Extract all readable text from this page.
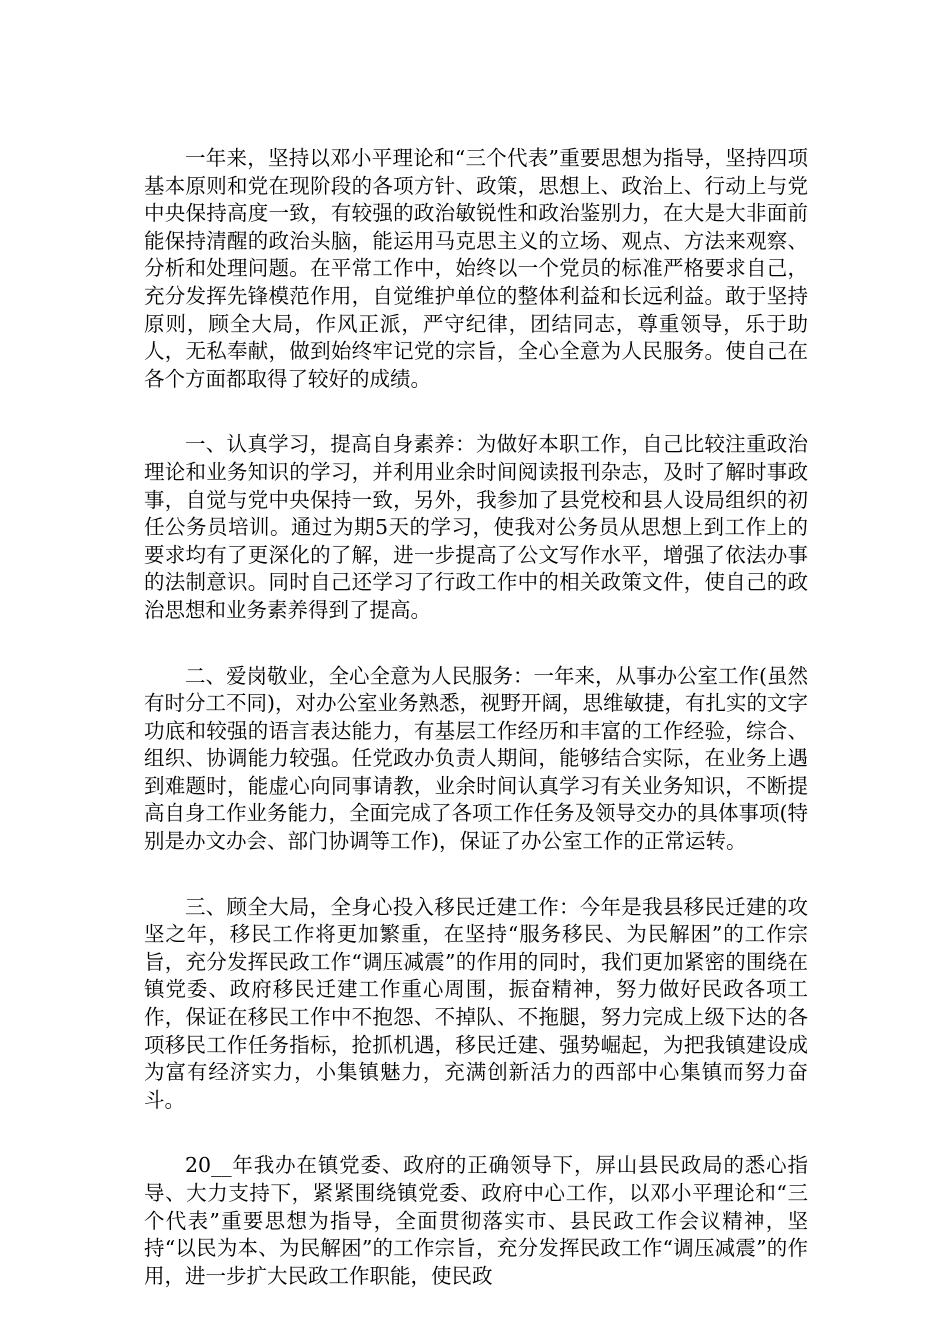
一年来，坚持以邓小平理论和“三个代表”重要思想为指导，坚持四项基本原则和党在现阶段的各项方针、政策，思想上、政治上、行动上与党中央保持高度一致，有较强的政治敏锐性和政治鉴别力，在大是大非面前能保持清醒的政治头脑，能运用马克思主义的立场、观点、方法来观察、分析和处理问题。在平常工作中，始终以一个党员的标准严格要求自己，充分发挥先锋模范作用，自觉维护单位的整体利益和长远利益。敢于坚持原则，顾全大局，作风正派，严守纪律，团结同志，尊重领导，乐于助人，无私奉献，做到始终牢记党的宗旨，全心全意为人民服务。使自己在各个方面都取得了较好的成绩。

一、认真学习，提高自身素养：为做好本职工作，自己比较注重政治理论和业务知识的学习，并利用业余时间阅读报刊杂志，及时了解时事政事，自觉与党中央保持一致，另外，我参加了县党校和县人设局组织的初任公务员培训。通过为期5天的学习，使我对公务员从思想上到工作上的要求均有了更深化的了解，进一步提高了公文写作水平，增强了依法办事的法制意识。同时自己还学习了行政工作中的相关政策文件，使自己的政治思想和业务素养得到了提高。

二、爱岗敬业，全心全意为人民服务：一年来，从事办公室工作(虽然有时分工不同)，对办公室业务熟悉，视野开阔，思维敏捷，有扎实的文字功底和较强的语言表达能力，有基层工作经历和丰富的工作经验，综合、组织、协调能力较强。任党政办负责人期间，能够结合实际，在业务上遇到难题时，能虚心向同事请教，业余时间认真学习有关业务知识，不断提高自身工作业务能力，全面完成了各项工作任务及领导交办的具体事项(特别是办文办会、部门协调等工作)，保证了办公室工作的正常运转。

三、顾全大局，全身心投入移民迁建工作：今年是我县移民迁建的攻坚之年，移民工作将更加繁重，在坚持“服务移民、为民解困”的工作宗旨，充分发挥民政工作“调压减震”的作用的同时，我们更加紧密的围绕在镇党委、政府移民迁建工作重心周围，振奋精神，努力做好民政各项工作，保证在移民工作中不抱怨、不掉队、不拖腿，努力完成上级下达的各项移民工作任务指标，抢抓机遇，移民迁建、强势崛起，为把我镇建设成为富有经济实力，小集镇魅力，充满创新活力的西部中心集镇而努力奋斗。

20__年我办在镇党委、政府的正确领导下，屏山县民政局的悉心指导、大力支持下，紧紧围绕镇党委、政府中心工作，以邓小平理论和“三个代表”重要思想为指导，全面贯彻落实市、县民政工作会议精神，坚持“以民为本、为民解困”的工作宗旨，充分发挥民政工作“调压减震”的作用，进一步扩大民政工作职能，使民政
